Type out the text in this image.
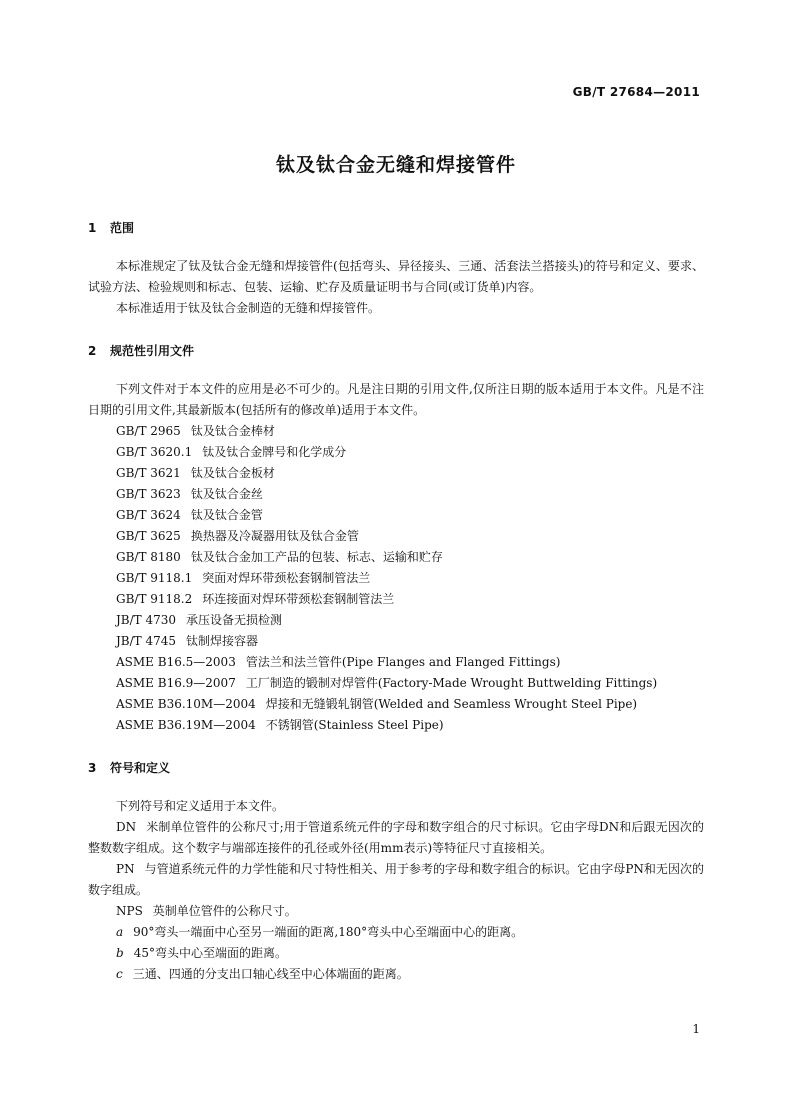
GB/T 27684—2011
钛及钛合金无缝和焊接管件
1 范围

本标准规定了钛及钛合金无缝和焊接管件(包括弯头、异径接头、三通、活套法兰搭接头)的符号和定义、要求、试验方法、检验规则和标志、包装、运输、贮存及质量证明书与合同(或订货单)内容。

本标准适用于钛及钛合金制造的无缝和焊接管件。

2 规范性引用文件

下列文件对于本文件的应用是必不可少的。凡是注日期的引用文件,仅所注日期的版本适用于本文件。凡是不注日期的引用文件,其最新版本(包括所有的修改单)适用于本文件。

GB/T 2965 钛及钛合金棒材

GB/T 3620.1 钛及钛合金牌号和化学成分

GB/T 3621 钛及钛合金板材

GB/T 3623 钛及钛合金丝

GB/T 3624 钛及钛合金管

GB/T 3625 换热器及冷凝器用钛及钛合金管

GB/T 8180 钛及钛合金加工产品的包装、标志、运输和贮存

GB/T 9118.1 突面对焊环带颈松套钢制管法兰

GB/T 9118.2 环连接面对焊环带颈松套钢制管法兰

JB/T 4730 承压设备无损检测

JB/T 4745 钛制焊接容器

ASME B16.5—2003 管法兰和法兰管件(Pipe Flanges and Flanged Fittings)

ASME B16.9—2007 工厂制造的锻制对焊管件(Factory-Made Wrought Buttwelding Fittings)

ASME B36.10M—2004 焊接和无缝锻轧钢管(Welded and Seamless Wrought Steel Pipe)

ASME B36.19M—2004 不锈钢管(Stainless Steel Pipe)

3 符号和定义

下列符号和定义适用于本文件。

DN 米制单位管件的公称尺寸;用于管道系统元件的字母和数字组合的尺寸标识。它由字母DN和后跟无因次的整数数字组成。这个数字与端部连接件的孔径或外径(用mm表示)等特征尺寸直接相关。

PN 与管道系统元件的力学性能和尺寸特性相关、用于参考的字母和数字组合的标识。它由字母PN和无因次的数字组成。

NPS 英制单位管件的公称尺寸。

a 90°弯头一端面中心至另一端面的距离,180°弯头中心至端面中心的距离。

b 45°弯头中心至端面的距离。

c 三通、四通的分支出口轴心线至中心体端面的距离。

1
